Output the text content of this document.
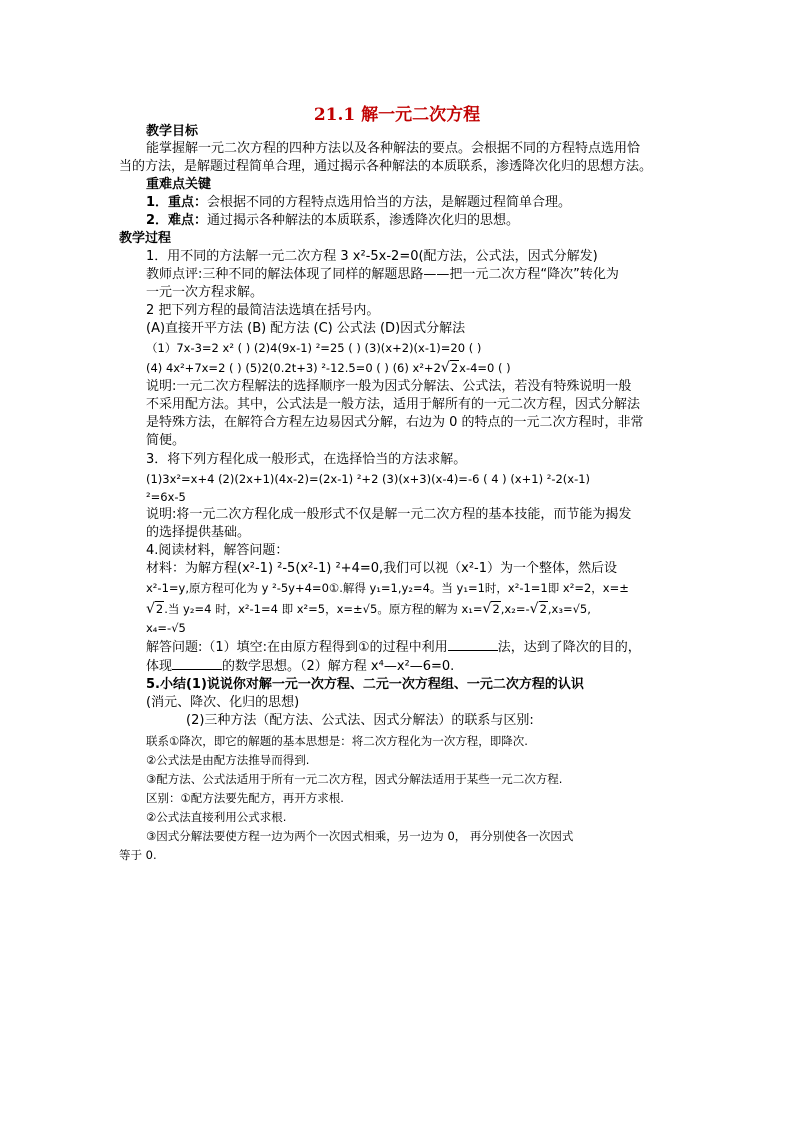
21.1 解一元二次方程
教学目标
能掌握解一元二次方程的四种方法以及各种解法的要点。会根据不同的方程特点选用恰
当的方法，是解题过程简单合理，通过揭示各种解法的本质联系，渗透降次化归的思想方法。
重难点关键
1．重点：会根据不同的方程特点选用恰当的方法，是解题过程简单合理。
2．难点：通过揭示各种解法的本质联系，渗透降次化归的思想。
教学过程
1．用不同的方法解一元二次方程 3 x²-5x-2=0(配方法，公式法，因式分解发)
教师点评:三种不同的解法体现了同样的解题思路——把一元二次方程“降次”转化为
一元一次方程求解。
2 把下列方程的最简洁法选填在括号内。
(A)直接开平方法 (B) 配方法 (C) 公式法 (D)因式分解法
（1）7x-3=2 x² ( ) (2)4(9x-1) ²=25 ( ) (3)(x+2)(x-1)=20 ( )
(4) 4x²+7x=2 ( ) (5)2(0.2t+3) ²-12.5=0 ( ) (6) x²+2√2x-4=0 ( )
说明:一元二次方程解法的选择顺序一般为因式分解法、公式法，若没有特殊说明一般
不采用配方法。其中，公式法是一般方法，适用于解所有的一元二次方程，因式分解法
是特殊方法，在解符合方程左边易因式分解，右边为 0 的特点的一元二次方程时，非常
简便。
3．将下列方程化成一般形式，在选择恰当的方法求解。
(1)3x²=x+4 (2)(2x+1)(4x-2)=(2x-1) ²+2 (3)(x+3)(x-4)=-6 ( 4 ) (x+1) ²-2(x-1)
²=6x-5
说明:将一元二次方程化成一般形式不仅是解一元二次方程的基本技能，而节能为揭发
的选择提供基础。
4.阅读材料，解答问题：
材料：为解方程(x²-1) ²-5(x²-1) ²+4=0,我们可以视（x²-1）为一个整体，然后设
x²-1=y,原方程可化为 y ²-5y+4=0①.解得 y₁=1,y₂=4。当 y₁=1时，x²-1=1即 x²=2，x=±
√2.当 y₂=4 时，x²-1=4 即 x²=5，x=±√5。原方程的解为 x₁=√2,x₂=-√2,x₃=√5,
x₄=-√5
解答问题:（1）填空:在由原方程得到①的过程中利用	法，达到了降次的目的，
体现	的数学思想。（2）解方程 x⁴—x²—6=0.
5.小结(1)说说你对解一元一次方程、二元一次方程组、一元二次方程的认识
(消元、降次、化归的思想)
(2)三种方法（配方法、公式法、因式分解法）的联系与区别:
联系①降次，即它的解题的基本思想是：将二次方程化为一次方程，即降次.
②公式法是由配方法推导而得到.
③配方法、公式法适用于所有一元二次方程，因式分解法适用于某些一元二次方程.
区别：①配方法要先配方，再开方求根.
②公式法直接利用公式求根.
③因式分解法要使方程一边为两个一次因式相乘，另一边为 0， 再分别使各一次因式
等于 0.
